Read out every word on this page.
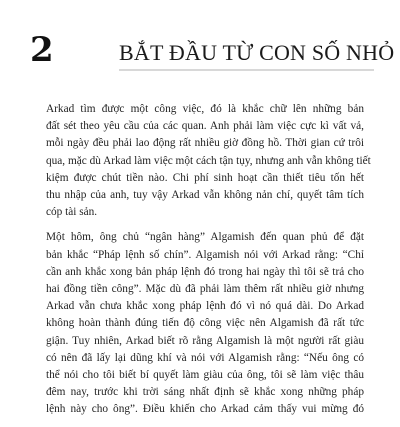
2	BẮT ĐẦU TỪ CON SỐ NHỎ

Arkad tìm được một công việc, đó là khắc chữ lên những bản
đất sét theo yêu cầu của các quan. Anh phải làm việc cực kì vất vả,
mỗi ngày đều phải lao động rất nhiều giờ đồng hồ. Thời gian cứ trôi
qua, mặc dù Arkad làm việc một cách tận tụy, nhưng anh vẫn không tiết
kiệm được chút tiền nào. Chi phí sinh hoạt cần thiết tiêu tốn hết
thu nhập của anh, tuy vậy Arkad vẫn không nản chí, quyết tâm tích
cóp tài sản.

Một hôm, ông chủ “ngân hàng” Algamish đến quan phủ để đặt
bản khắc “Pháp lệnh số chín”. Algamish nói với Arkad rằng: “Chỉ
cần anh khắc xong bản pháp lệnh đó trong hai ngày thì tôi sẽ trả cho
hai đồng tiền công”. Mặc dù đã phải làm thêm rất nhiều giờ nhưng
Arkad vẫn chưa khắc xong pháp lệnh đó vì nó quá dài. Do Arkad
không hoàn thành đúng tiến độ công việc nên Algamish đã rất tức
giận. Tuy nhiên, Arkad biết rõ rằng Algamish là một người rất giàu
có nên đã lấy lại dũng khí và nói với Algamish rằng: “Nếu ông có
thể nói cho tôi biết bí quyết làm giàu của ông, tôi sẽ làm việc thâu
đêm nay, trước khi trời sáng nhất định sẽ khắc xong những pháp
lệnh này cho ông”. Điều khiến cho Arkad cảm thấy vui mừng đó
